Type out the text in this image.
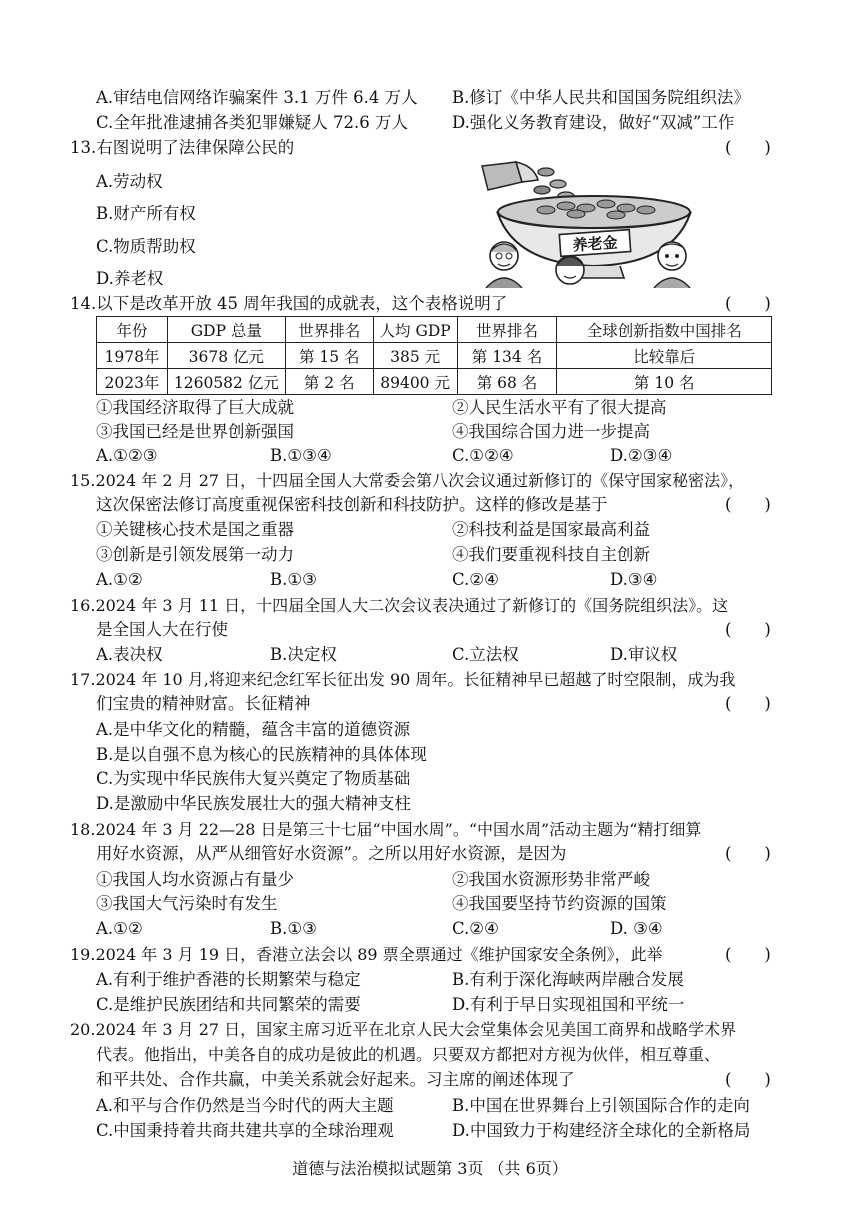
A.审结电信网络诈骗案件 3.1 万件 6.4 万人 B.修订《中华人民共和国国务院组织法》
C.全年批准逮捕各类犯罪嫌疑人 72.6 万人	D.强化义务教育建设，做好“双减”工作
13.右图说明了法律保障公民的	(　　)
A.劳动权
B.财产所有权
C.物质帮助权
D.养老权
养老金
14.以下是改革开放 45 周年我国的成就表，这个表格说明了	(　　)
年份	GDP 总量	世界排名	人均 GDP	世界排名	全球创新指数中国排名
1978年	3678 亿元	第 15 名	385 元	第 134 名	比较靠后
2023年	1260582 亿元	第 2 名	89400 元	第 68 名	第 10 名
①我国经济取得了巨大成就	②人民生活水平有了很大提高
③我国已经是世界创新强国	④我国综合国力进一步提高
A.①②③	B.①③④	C.①②④	D.②③④
15.2024 年 2 月 27 日，十四届全国人大常委会第八次会议通过新修订的《保守国家秘密法》，
这次保密法修订高度重视保密科技创新和科技防护。这样的修改是基于	(　　)
①关键核心技术是国之重器	②科技利益是国家最高利益
③创新是引领发展第一动力	④我们要重视科技自主创新
A.①②	B.①③	C.②④	D.③④
16.2024 年 3 月 11 日，十四届全国人大二次会议表决通过了新修订的《国务院组织法》。这
是全国人大在行使	(　　)
A.表决权	B.决定权	C.立法权	D.审议权
17.2024 年 10 月,将迎来纪念红军长征出发 90 周年。长征精神早已超越了时空限制，成为我
们宝贵的精神财富。长征精神	(　　)
A.是中华文化的精髓，蕴含丰富的道德资源
B.是以自强不息为核心的民族精神的具体体现
C.为实现中华民族伟大复兴奠定了物质基础
D.是激励中华民族发展壮大的强大精神支柱
18.2024 年 3 月 22—28 日是第三十七届“中国水周”。“中国水周”活动主题为“精打细算
用好水资源，从严从细管好水资源”。之所以用好水资源，是因为	(　　)
①我国人均水资源占有量少	②我国水资源形势非常严峻
③我国大气污染时有发生	④我国要坚持节约资源的国策
A.①②	B.①③	C.②④	D. ③④
19.2024 年 3 月 19 日，香港立法会以 89 票全票通过《维护国家安全条例》，此举	(　　)
A.有利于维护香港的长期繁荣与稳定	B.有利于深化海峡两岸融合发展
C.是维护民族团结和共同繁荣的需要	D.有利于早日实现祖国和平统一
20.2024 年 3 月 27 日，国家主席习近平在北京人民大会堂集体会见美国工商界和战略学术界
代表。他指出，中美各自的成功是彼此的机遇。只要双方都把对方视为伙伴，相互尊重、
和平共处、合作共赢，中美关系就会好起来。习主席的阐述体现了	(　　)
A.和平与合作仍然是当今时代的两大主题	B.中国在世界舞台上引领国际合作的走向
C.中国秉持着共商共建共享的全球治理观	D.中国致力于构建经济全球化的全新格局
道德与法治模拟试题第 3页 （共 6页）
